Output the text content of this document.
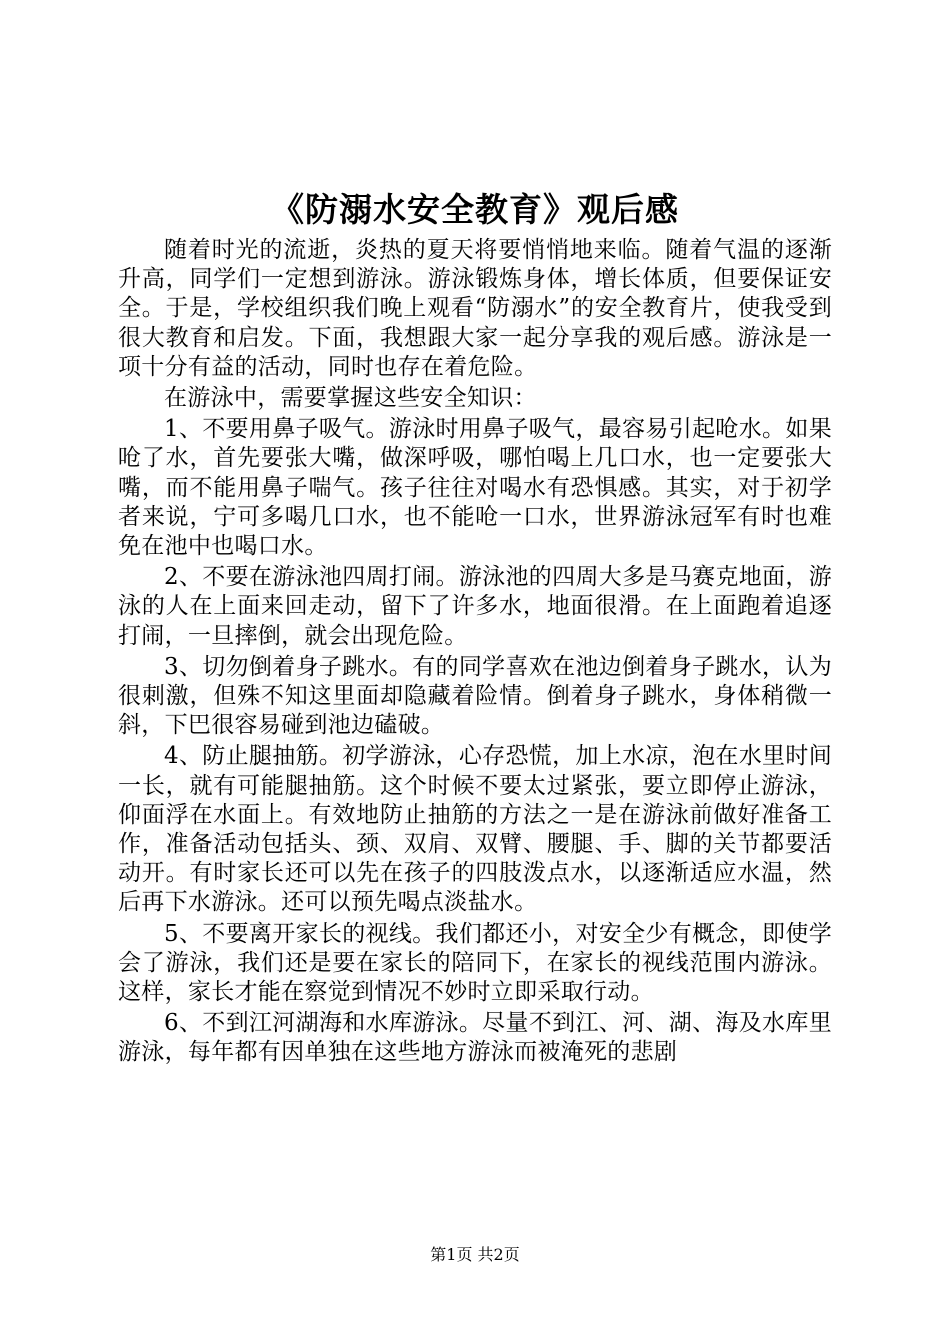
《防溺水安全教育》观后感

随着时光的流逝，炎热的夏天将要悄悄地来临。随着气温的逐渐升高，同学们一定想到游泳。游泳锻炼身体，增长体质，但要保证安全。于是，学校组织我们晚上观看“防溺水”的安全教育片，使我受到很大教育和启发。下面，我想跟大家一起分享我的观后感。游泳是一项十分有益的活动，同时也存在着危险。

在游泳中，需要掌握这些安全知识：

1、不要用鼻子吸气。游泳时用鼻子吸气，最容易引起呛水。如果呛了水，首先要张大嘴，做深呼吸，哪怕喝上几口水，也一定要张大嘴，而不能用鼻子喘气。孩子往往对喝水有恐惧感。其实，对于初学者来说，宁可多喝几口水，也不能呛一口水，世界游泳冠军有时也难免在池中也喝口水。

2、不要在游泳池四周打闹。游泳池的四周大多是马赛克地面，游泳的人在上面来回走动，留下了许多水，地面很滑。在上面跑着追逐打闹，一旦摔倒，就会出现危险。

3、切勿倒着身子跳水。有的同学喜欢在池边倒着身子跳水，认为很刺激，但殊不知这里面却隐藏着险情。倒着身子跳水，身体稍微一斜，下巴很容易碰到池边磕破。

4、防止腿抽筋。初学游泳，心存恐慌，加上水凉，泡在水里时间一长，就有可能腿抽筋。这个时候不要太过紧张，要立即停止游泳，仰面浮在水面上。有效地防止抽筋的方法之一是在游泳前做好准备工作，准备活动包括头、颈、双肩、双臂、腰腿、手、脚的关节都要活动开。有时家长还可以先在孩子的四肢泼点水，以逐渐适应水温，然后再下水游泳。还可以预先喝点淡盐水。

5、不要离开家长的视线。我们都还小，对安全少有概念，即使学会了游泳，我们还是要在家长的陪同下，在家长的视线范围内游泳。这样，家长才能在察觉到情况不妙时立即采取行动。

6、不到江河湖海和水库游泳。尽量不到江、河、湖、海及水库里游泳，每年都有因单独在这些地方游泳而被淹死的悲剧

第1页 共2页
